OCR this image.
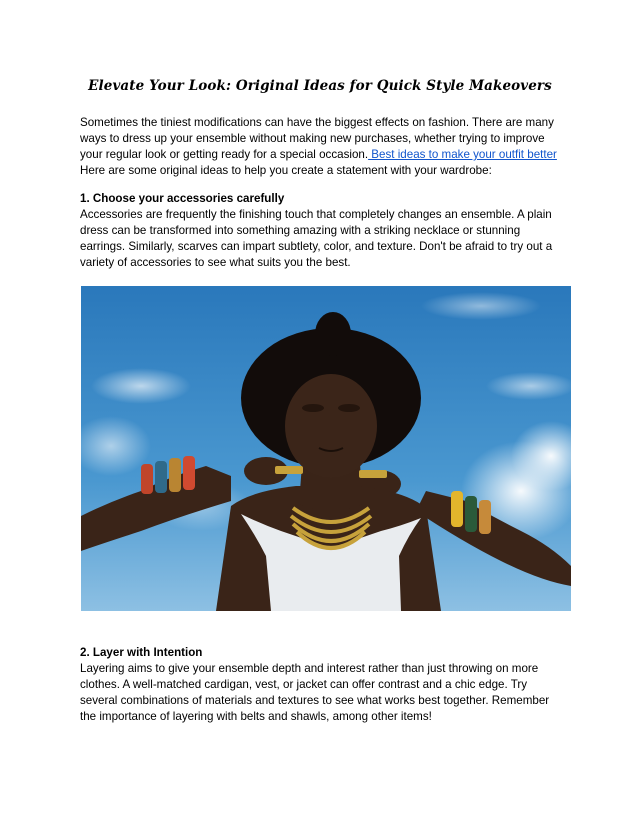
Elevate Your Look: Original Ideas for Quick Style Makeovers
Sometimes the tiniest modifications can have the biggest effects on fashion. There are many ways to dress up your ensemble without making new purchases, whether trying to improve your regular look or getting ready for a special occasion. Best ideas to make your outfit better
Here are some original ideas to help you create a statement with your wardrobe:
1. Choose your accessories carefully
Accessories are frequently the finishing touch that completely changes an ensemble. A plain dress can be transformed into something amazing with a striking necklace or stunning earrings. Similarly, scarves can impart subtlety, color, and texture. Don't be afraid to try out a variety of accessories to see what suits you the best.
2. Layer with Intention
Layering aims to give your ensemble depth and interest rather than just throwing on more clothes. A well-matched cardigan, vest, or jacket can offer contrast and a chic edge. Try several combinations of materials and textures to see what works best together. Remember the importance of layering with belts and shawls, among other items!
